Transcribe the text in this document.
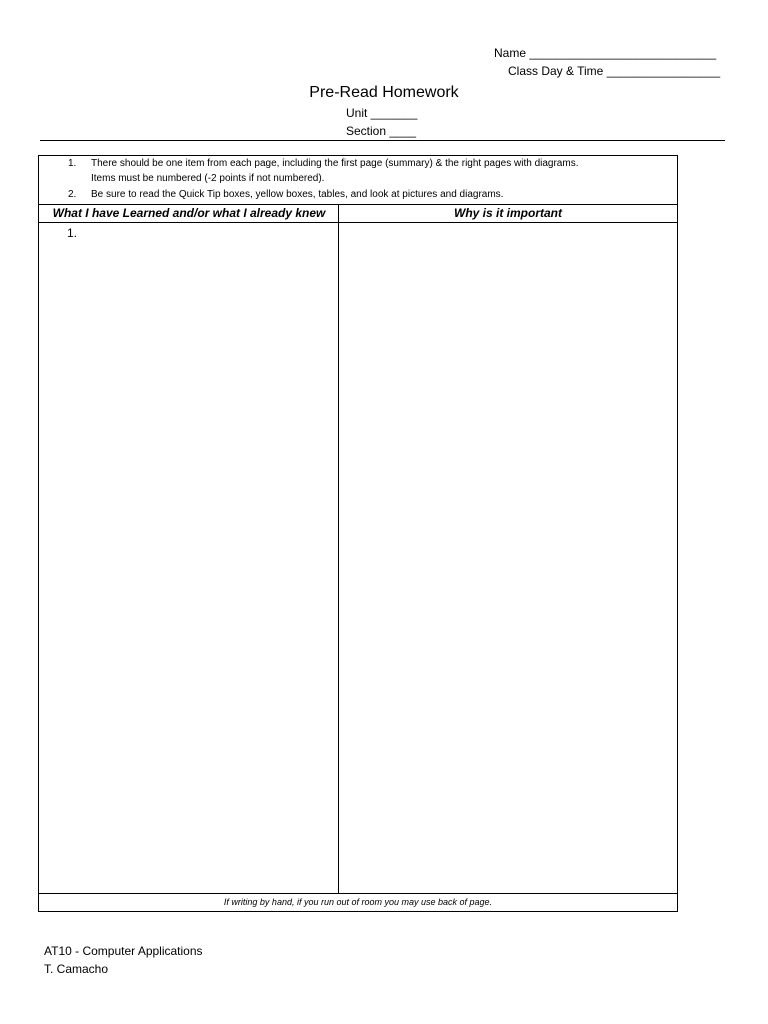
Name ____________________________
Class Day & Time _________________
Pre-Read Homework
Unit _______
Section ____
1. There should be one item from each page, including the first page (summary) & the right pages with diagrams.
Items must be numbered (-2 points if not numbered).
2. Be sure to read the Quick Tip boxes, yellow boxes, tables, and look at pictures and diagrams.
What I have Learned and/or what I already knew	Why is it important
1.
If writing by hand, if you run out of room you may use back of page.
AT10 - Computer Applications
T. Camacho
